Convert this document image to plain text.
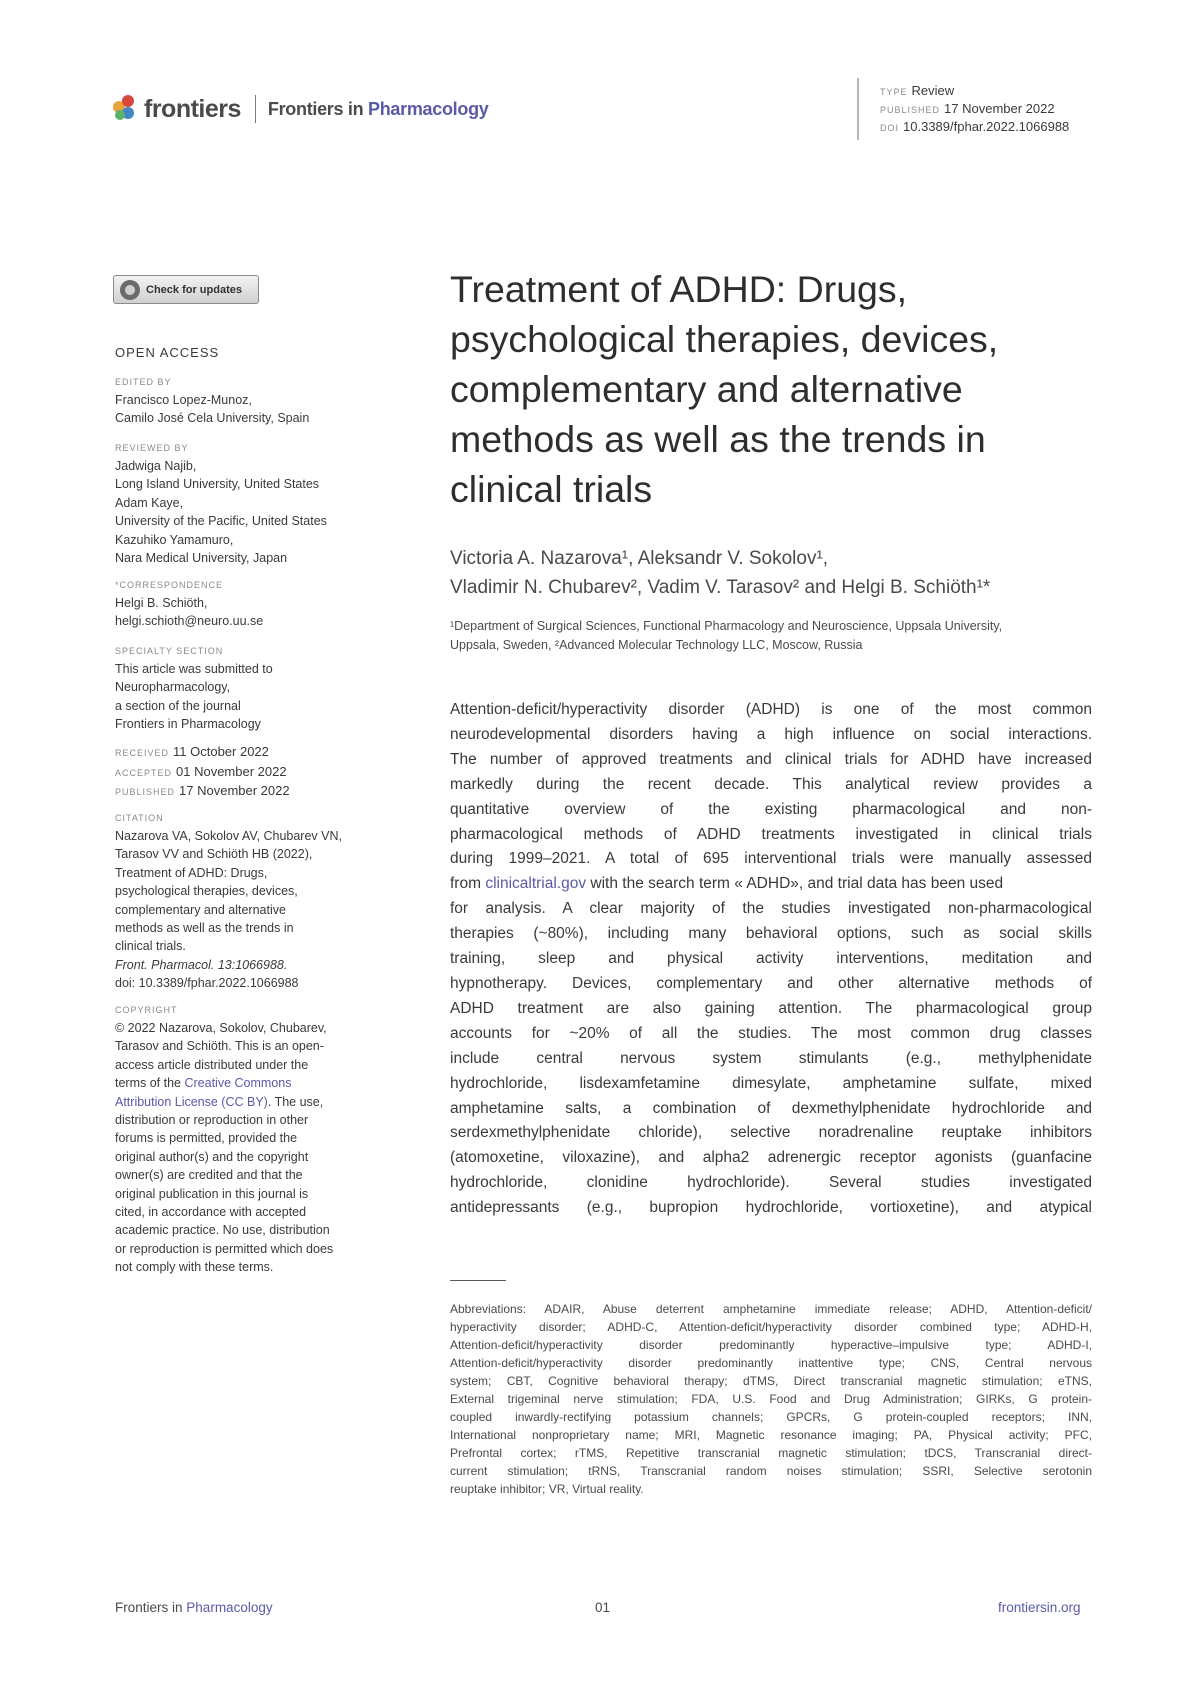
frontiers Frontiers in Pharmacology
TYPE Review
PUBLISHED 17 November 2022
DOI 10.3389/fphar.2022.1066988
Check for updates
OPEN ACCESS
EDITED BY
Francisco Lopez-Munoz,
Camilo José Cela University, Spain
REVIEWED BY
Jadwiga Najib,
Long Island University, United States
Adam Kaye,
University of the Pacific, United States
Kazuhiko Yamamuro,
Nara Medical University, Japan
*CORRESPONDENCE
Helgi B. Schiöth,
helgi.schioth@neuro.uu.se
SPECIALTY SECTION
This article was submitted to
Neuropharmacology,
a section of the journal
Frontiers in Pharmacology
RECEIVED 11 October 2022
ACCEPTED 01 November 2022
PUBLISHED 17 November 2022
CITATION
Nazarova VA, Sokolov AV, Chubarev VN,
Tarasov VV and Schiöth HB (2022),
Treatment of ADHD: Drugs,
psychological therapies, devices,
complementary and alternative
methods as well as the trends in
clinical trials.
Front. Pharmacol. 13:1066988.
doi: 10.3389/fphar.2022.1066988
COPYRIGHT
© 2022 Nazarova, Sokolov, Chubarev,
Tarasov and Schiöth. This is an open-
access article distributed under the
terms of the Creative Commons
Attribution License (CC BY). The use,
distribution or reproduction in other
forums is permitted, provided the
original author(s) and the copyright
owner(s) are credited and that the
original publication in this journal is
cited, in accordance with accepted
academic practice. No use, distribution
or reproduction is permitted which does
not comply with these terms.
Treatment of ADHD: Drugs,
psychological therapies, devices,
complementary and alternative
methods as well as the trends in
clinical trials
Victoria A. Nazarova¹, Aleksandr V. Sokolov¹,
Vladimir N. Chubarev², Vadim V. Tarasov² and Helgi B. Schiöth¹*
¹Department of Surgical Sciences, Functional Pharmacology and Neuroscience, Uppsala University,
Uppsala, Sweden, ²Advanced Molecular Technology LLC, Moscow, Russia
Attention-deficit/hyperactivity disorder (ADHD) is one of the most common
neurodevelopmental disorders having a high influence on social interactions.
The number of approved treatments and clinical trials for ADHD have increased
markedly during the recent decade. This analytical review provides a
quantitative overview of the existing pharmacological and non-
pharmacological methods of ADHD treatments investigated in clinical trials
during 1999–2021. A total of 695 interventional trials were manually assessed
from clinicaltrial.gov with the search term « ADHD», and trial data has been used
for analysis. A clear majority of the studies investigated non-pharmacological
therapies (~80%), including many behavioral options, such as social skills
training, sleep and physical activity interventions, meditation and
hypnotherapy. Devices, complementary and other alternative methods of
ADHD treatment are also gaining attention. The pharmacological group
accounts for ~20% of all the studies. The most common drug classes
include central nervous system stimulants (e.g., methylphenidate
hydrochloride, lisdexamfetamine dimesylate, amphetamine sulfate, mixed
amphetamine salts, a combination of dexmethylphenidate hydrochloride and
serdexmethylphenidate chloride), selective noradrenaline reuptake inhibitors
(atomoxetine, viloxazine), and alpha2 adrenergic receptor agonists (guanfacine
hydrochloride, clonidine hydrochloride). Several studies investigated
antidepressants (e.g., bupropion hydrochloride, vortioxetine), and atypical
Abbreviations: ADAIR, Abuse deterrent amphetamine immediate release; ADHD, Attention-deficit/
hyperactivity disorder; ADHD-C, Attention-deficit/hyperactivity disorder combined type; ADHD-H,
Attention-deficit/hyperactivity disorder predominantly hyperactive–impulsive type; ADHD-I,
Attention-deficit/hyperactivity disorder predominantly inattentive type; CNS, Central nervous
system; CBT, Cognitive behavioral therapy; dTMS, Direct transcranial magnetic stimulation; eTNS,
External trigeminal nerve stimulation; FDA, U.S. Food and Drug Administration; GIRKs, G protein-
coupled inwardly-rectifying potassium channels; GPCRs, G protein-coupled receptors; INN,
International nonproprietary name; MRI, Magnetic resonance imaging; PA, Physical activity; PFC,
Prefrontal cortex; rTMS, Repetitive transcranial magnetic stimulation; tDCS, Transcranial direct-
current stimulation; tRNS, Transcranial random noises stimulation; SSRI, Selective serotonin
reuptake inhibitor; VR, Virtual reality.
Frontiers in Pharmacology	01	frontiersin.org
